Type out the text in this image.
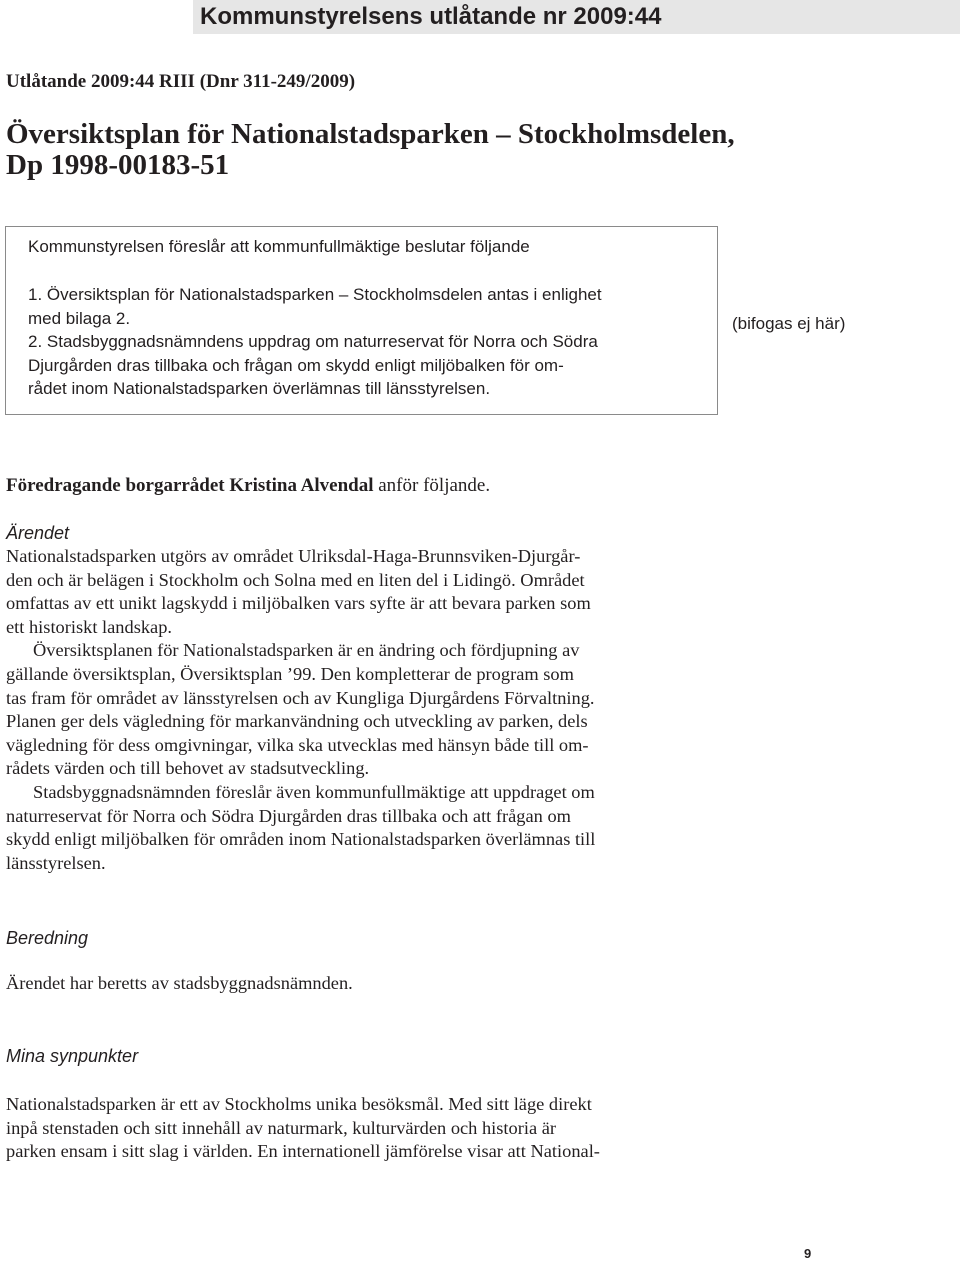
Kommunstyrelsens utlåtande nr 2009:44
Utlåtande 2009:44 RIII (Dnr 311-249/2009)
Översiktsplan för Nationalstadsparken – Stockholmsdelen,
Dp 1998-00183-51
Kommunstyrelsen föreslår att kommunfullmäktige beslutar följande
1. Översiktsplan för Nationalstadsparken – Stockholmsdelen antas i enlighet
med bilaga 2.
2. Stadsbyggnadsnämndens uppdrag om naturreservat för Norra och Södra
Djurgården dras tillbaka och frågan om skydd enligt miljöbalken för om-
rådet inom Nationalstadsparken överlämnas till länsstyrelsen.
(bifogas ej här)
Föredragande borgarrådet Kristina Alvendal anför följande.
Ärendet

Nationalstadsparken utgörs av området Ulriksdal-Haga-Brunnsviken-Djurgår-
den och är belägen i Stockholm och Solna med en liten del i Lidingö. Området
omfattas av ett unikt lagskydd i miljöbalken vars syfte är att bevara parken som
ett historiskt landskap.

Översiktsplanen för Nationalstadsparken är en ändring och fördjupning av
gällande översiktsplan, Översiktsplan ’99. Den kompletterar de program som
tas fram för området av länsstyrelsen och av Kungliga Djurgårdens Förvaltning.
Planen ger dels vägledning för markanvändning och utveckling av parken, dels
vägledning för dess omgivningar, vilka ska utvecklas med hänsyn både till om-
rådets värden och till behovet av stadsutveckling.

Stadsbyggnadsnämnden föreslår även kommunfullmäktige att uppdraget om
naturreservat för Norra och Södra Djurgården dras tillbaka och att frågan om
skydd enligt miljöbalken för områden inom Nationalstadsparken överlämnas till
länsstyrelsen.

Beredning
Ärendet har beretts av stadsbyggnadsnämnden.
Mina synpunkter
Nationalstadsparken är ett av Stockholms unika besöksmål. Med sitt läge direkt
inpå stenstaden och sitt innehåll av naturmark, kulturvärden och historia är
parken ensam i sitt slag i världen. En internationell jämförelse visar att National-
9
